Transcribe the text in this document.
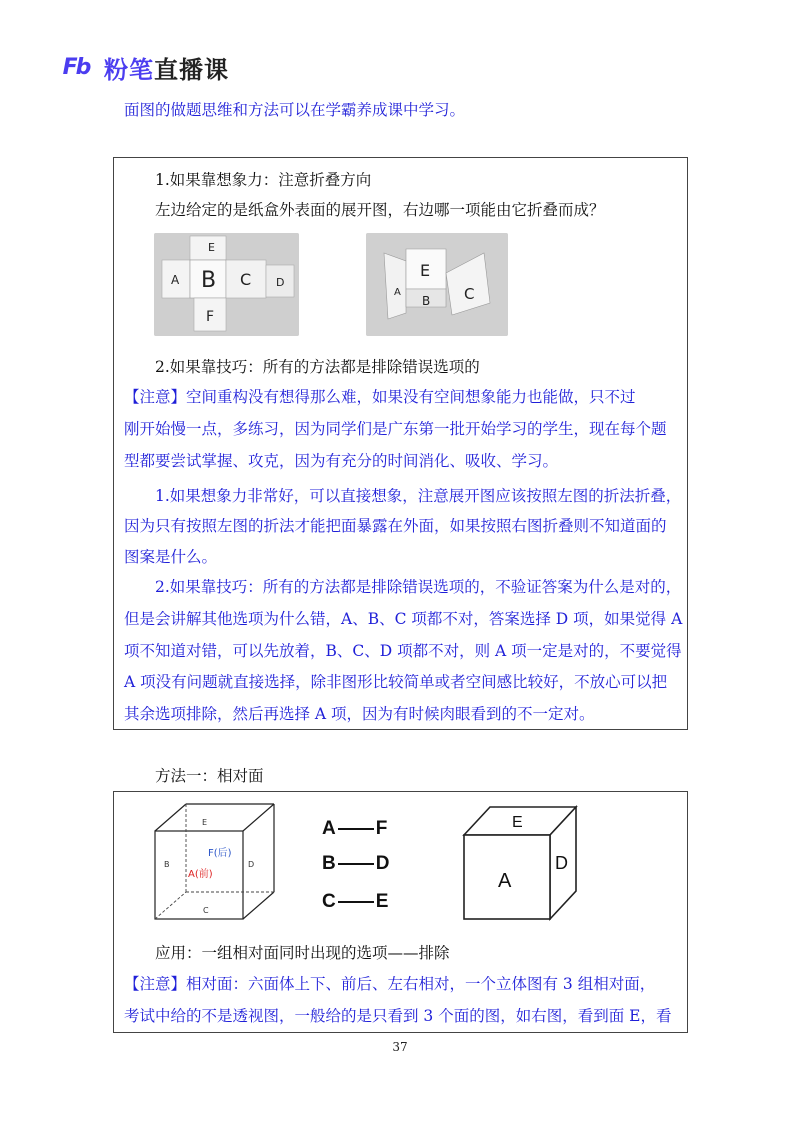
Fb 粉笔直播课
面图的做题思维和方法可以在学霸养成课中学习。
1.如果靠想象力：注意折叠方向
左边给定的是纸盒外表面的展开图，右边哪一项能由它折叠而成？
E
A B C D
F
E
A
B C
2.如果靠技巧：所有的方法都是排除错误选项的
【注意】空间重构没有想得那么难，如果没有空间想象能力也能做，只不过
刚开始慢一点，多练习，因为同学们是广东第一批开始学习的学生，现在每个题
型都要尝试掌握、攻克，因为有充分的时间消化、吸收、学习。
1.如果想象力非常好，可以直接想象，注意展开图应该按照左图的折法折叠，
因为只有按照左图的折法才能把面暴露在外面，如果按照右图折叠则不知道面的
图案是什么。
2.如果靠技巧：所有的方法都是排除错误选项的，不验证答案为什么是对的，
但是会讲解其他选项为什么错，A、B、C 项都不对，答案选择 D 项，如果觉得 A
项不知道对错，可以先放着，B、C、D 项都不对，则 A 项一定是对的，不要觉得
A 项没有问题就直接选择，除非图形比较简单或者空间感比较好，不放心可以把
其余选项排除，然后再选择 A 项，因为有时候肉眼看到的不一定对。
方法一：相对面
E
B
F(后)
A(前)
D
C
A F
B D
C E
E
A
D
应用：一组相对面同时出现的选项——排除
【注意】相对面：六面体上下、前后、左右相对，一个立体图有 3 组相对面，
考试中给的不是透视图，一般给的是只看到 3 个面的图，如右图，看到面 E，看
37
